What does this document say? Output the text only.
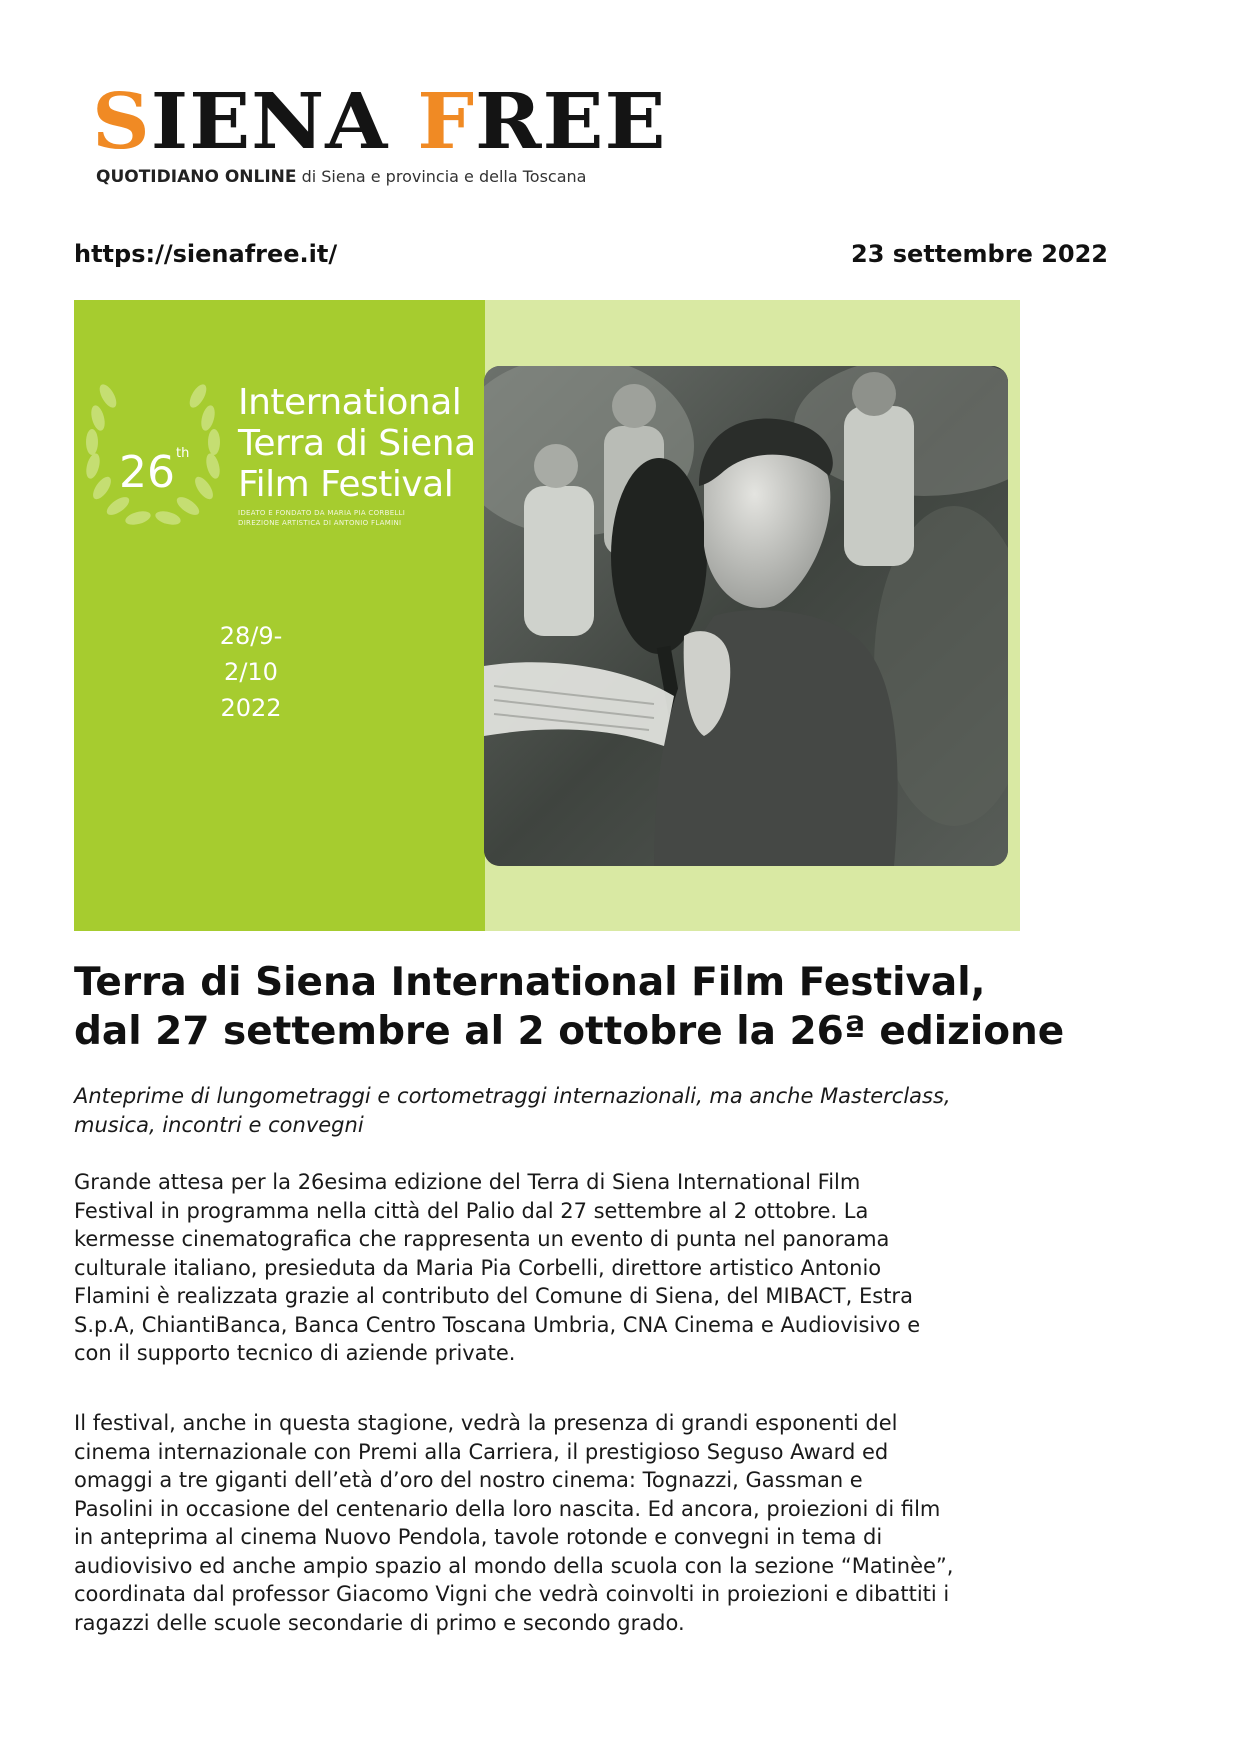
SIENA FREE
QUOTIDIANO ONLINE di Siena e provincia e della Toscana
https://sienafree.it/	23 settembre 2022
26th
International
Terra di Siena
Film Festival
IDEATO E FONDATO DA MARIA PIA CORBELLI
DIREZIONE ARTISTICA DI ANTONIO FLAMINI
28/9-2/10
2022
Terra di Siena International Film Festival,
dal 27 settembre al 2 ottobre la 26ª edizione
Anteprime di lungometraggi e cortometraggi internazionali, ma anche Masterclass,
musica, incontri e convegni
Grande attesa per la 26esima edizione del Terra di Siena International Film
Festival in programma nella città del Palio dal 27 settembre al 2 ottobre. La
kermesse cinematografica che rappresenta un evento di punta nel panorama
culturale italiano, presieduta da Maria Pia Corbelli, direttore artistico Antonio
Flamini è realizzata grazie al contributo del Comune di Siena, del MIBACT, Estra
S.p.A, ChiantiBanca, Banca Centro Toscana Umbria, CNA Cinema e Audiovisivo e
con il supporto tecnico di aziende private.
Il festival, anche in questa stagione, vedrà la presenza di grandi esponenti del
cinema internazionale con Premi alla Carriera, il prestigioso Seguso Award ed
omaggi a tre giganti dell’età d’oro del nostro cinema: Tognazzi, Gassman e
Pasolini in occasione del centenario della loro nascita. Ed ancora, proiezioni di film
in anteprima al cinema Nuovo Pendola, tavole rotonde e convegni in tema di
audiovisivo ed anche ampio spazio al mondo della scuola con la sezione “Matinèe”,
coordinata dal professor Giacomo Vigni che vedrà coinvolti in proiezioni e dibattiti i
ragazzi delle scuole secondarie di primo e secondo grado.
